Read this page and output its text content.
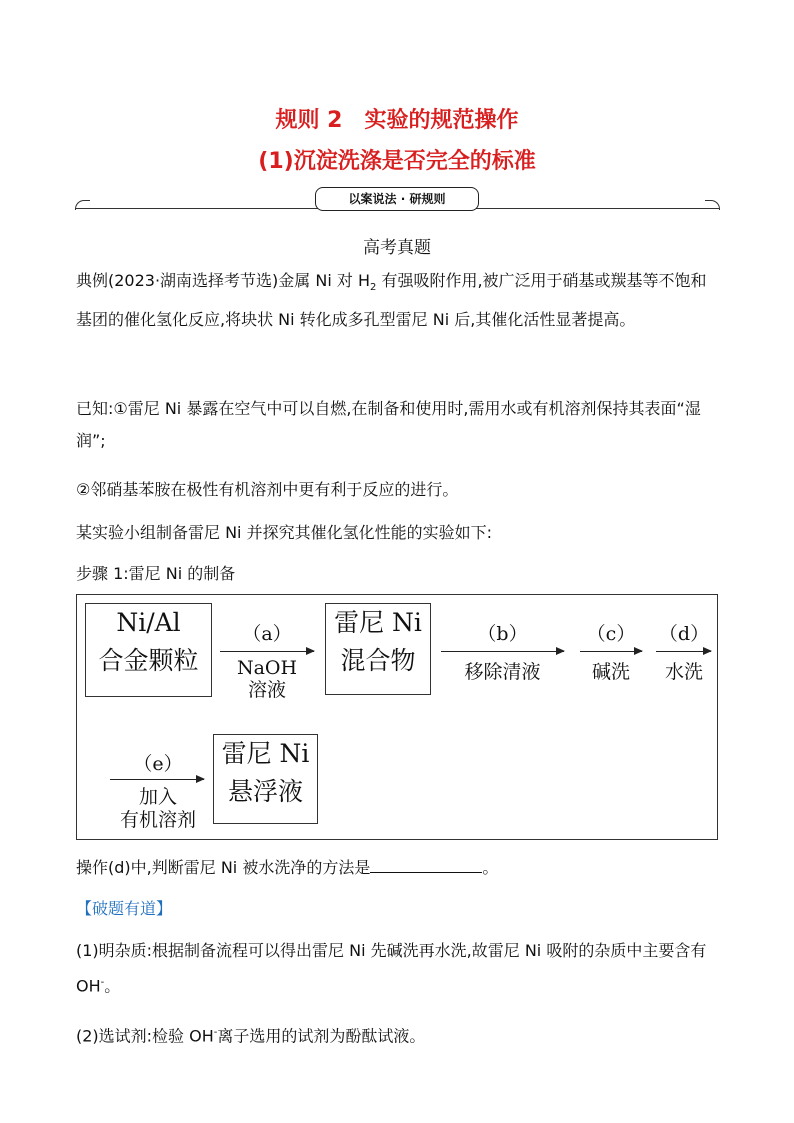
规则 2　实验的规范操作
(1)沉淀洗涤是否完全的标准
以案说法 · 研规则
高考真题
典例(2023·湖南选择考节选)金属 Ni 对 $H_2$ 有强吸附作用,被广泛用于硝基或羰基等不饱和基团的催化氢化反应,将块状 Ni 转化成多孔型雷尼 Ni 后,其催化活性显著提高。
已知:①雷尼 Ni 暴露在空气中可以自燃,在制备和使用时,需用水或有机溶剂保持其表面“湿润”;
②邻硝基苯胺在极性有机溶剂中更有利于反应的进行。
某实验小组制备雷尼 Ni 并探究其催化氢化性能的实验如下:
步骤 1:雷尼 Ni 的制备
Ni/Al
合金颗粒
（a）
NaOH
溶液
雷尼 Ni
混合物
（b）
移除清液
（c）
碱洗
（d）
水洗
（e）
加入
有机溶剂
雷尼 Ni
悬浮液
操作(d)中,判断雷尼 Ni 被水洗净的方法是	。
【破题有道】
(1)明杂质:根据制备流程可以得出雷尼 Ni 先碱洗再水洗,故雷尼 Ni 吸附的杂质中主要含有 OH-。
(2)选试剂:检验 OH-离子选用的试剂为酚酞试液。
